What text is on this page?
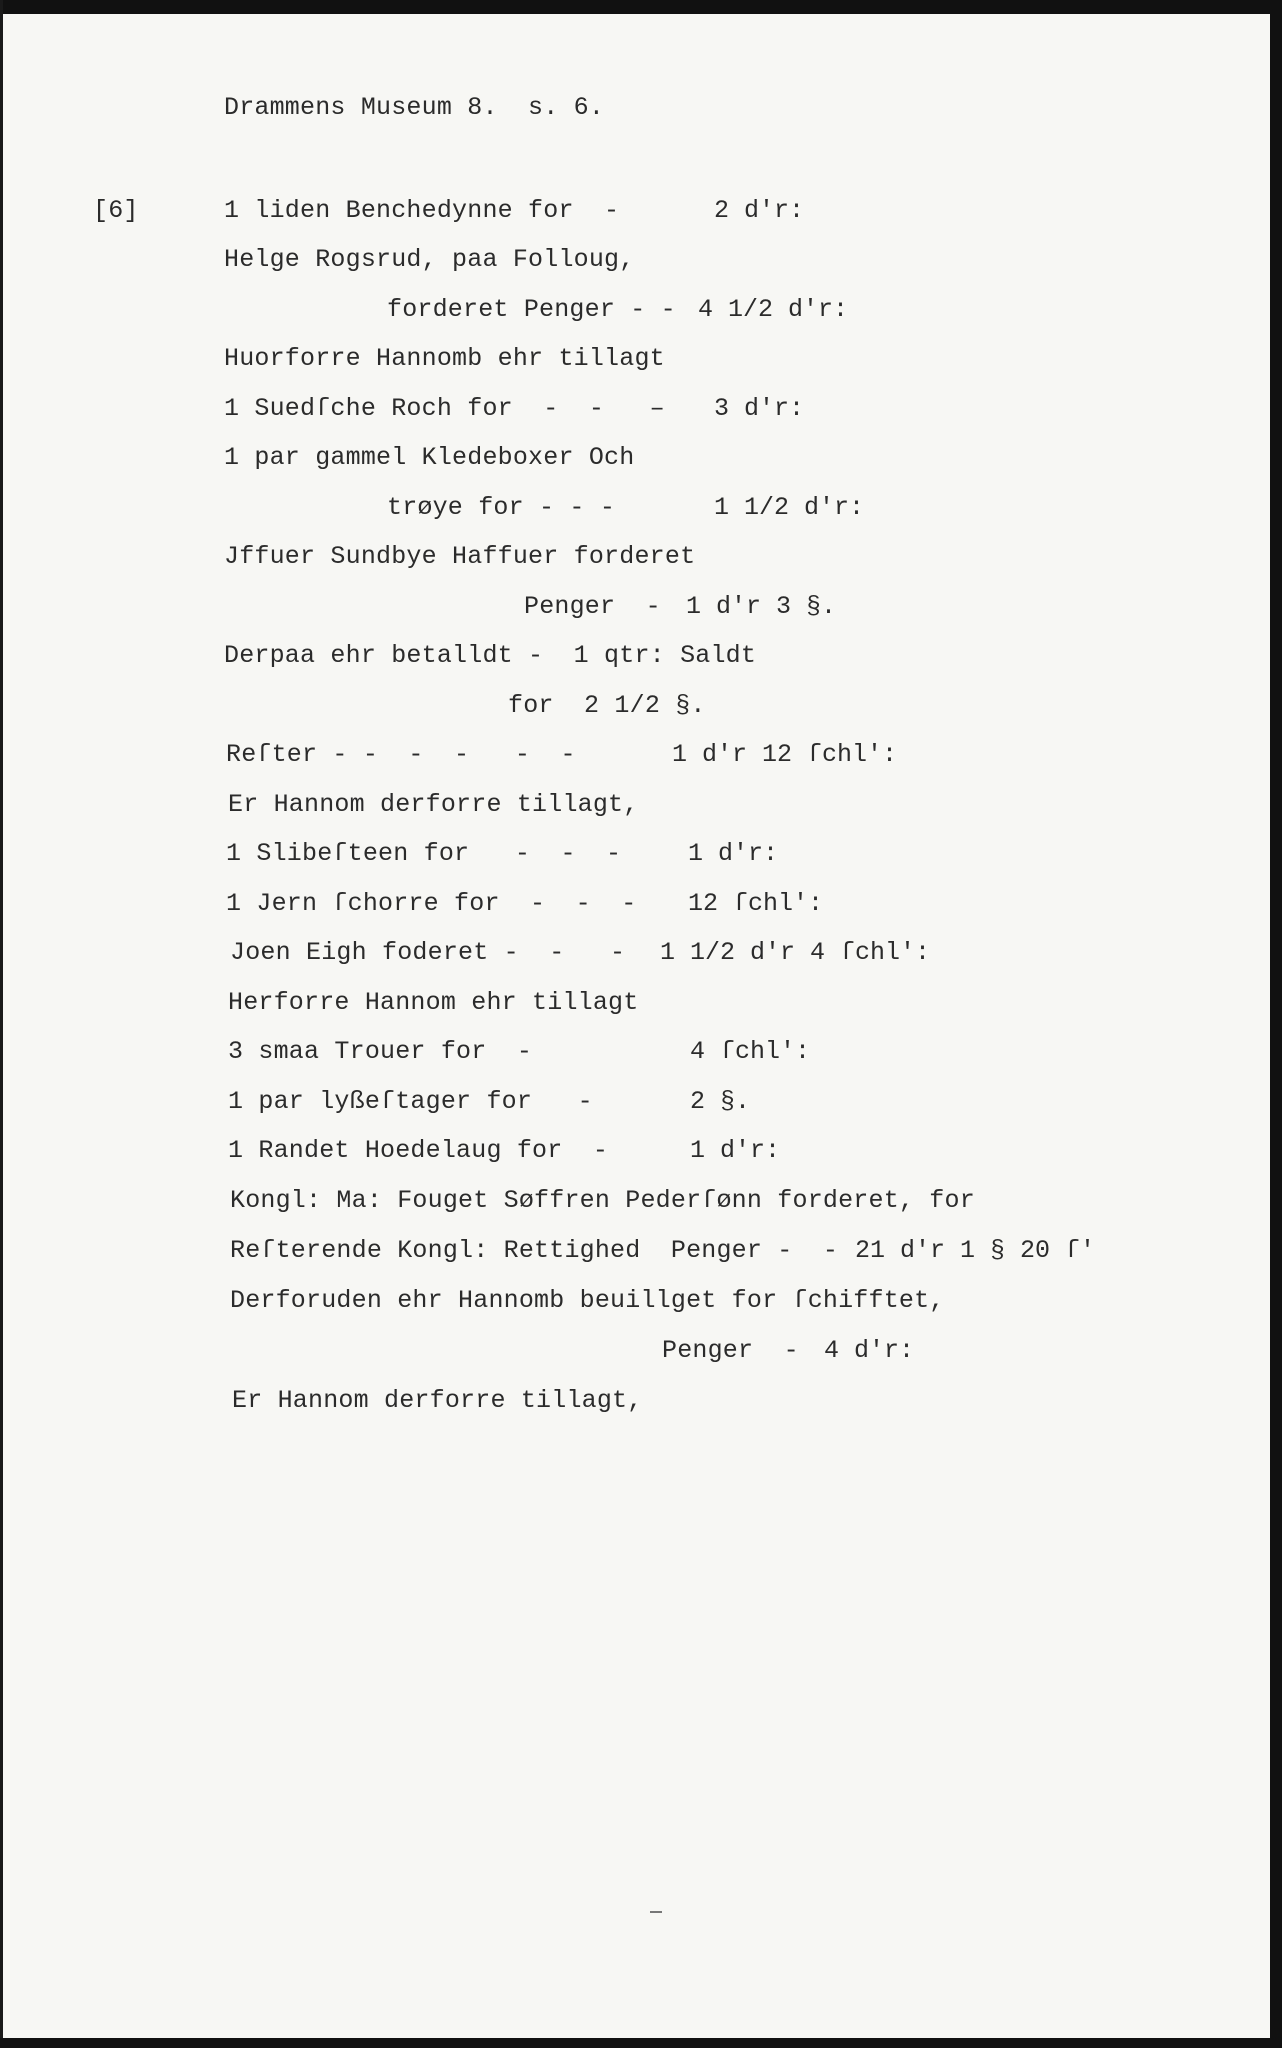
Drammens Museum 8.  s. 6.
[6]	1 liden Benchedynne for  -	2 d'r:
Helge Rogsrud, paa Folloug,
forderet Penger - - 4 1/2 d'r:
Huorforre Hannomb ehr tillagt
1 Suedſche Roch for  -  -   – 3 d'r:
1 par gammel Kledeboxer Och
trøye for - - -	1 1/2 d'r:
Jffuer Sundbye Haffuer forderet
Penger  - 1 d'r 3 §.
Derpaa ehr betalldt -  1 qtr: Saldt
for  2 1/2 §.
Reſter - -  -  -   -  -	1 d'r 12 ſchl':
Er Hannom derforre tillagt,
1 Slibeſteen for   -  -  -	1 d'r:
1 Jern ſchorre for  -  -  - 12 ſchl':
Joen Eigh foderet -  -   - 1 1/2 d'r 4 ſchl':
Herforre Hannom ehr tillagt
3 smaa Trouer for  -	4 ſchl':
1 par lyßeſtager for   -	2 §.
1 Randet Hoedelaug for  -	1 d'r:
Kongl: Ma: Fouget Søffren Pederſønn forderet, for
Reſterende Kongl: Rettighed  Penger -  - 21 d'r 1 § 20 ſ'
Derforuden ehr Hannomb beuillget for ſchifftet,
Penger  - 4 d'r:
Er Hannom derforre tillagt,
